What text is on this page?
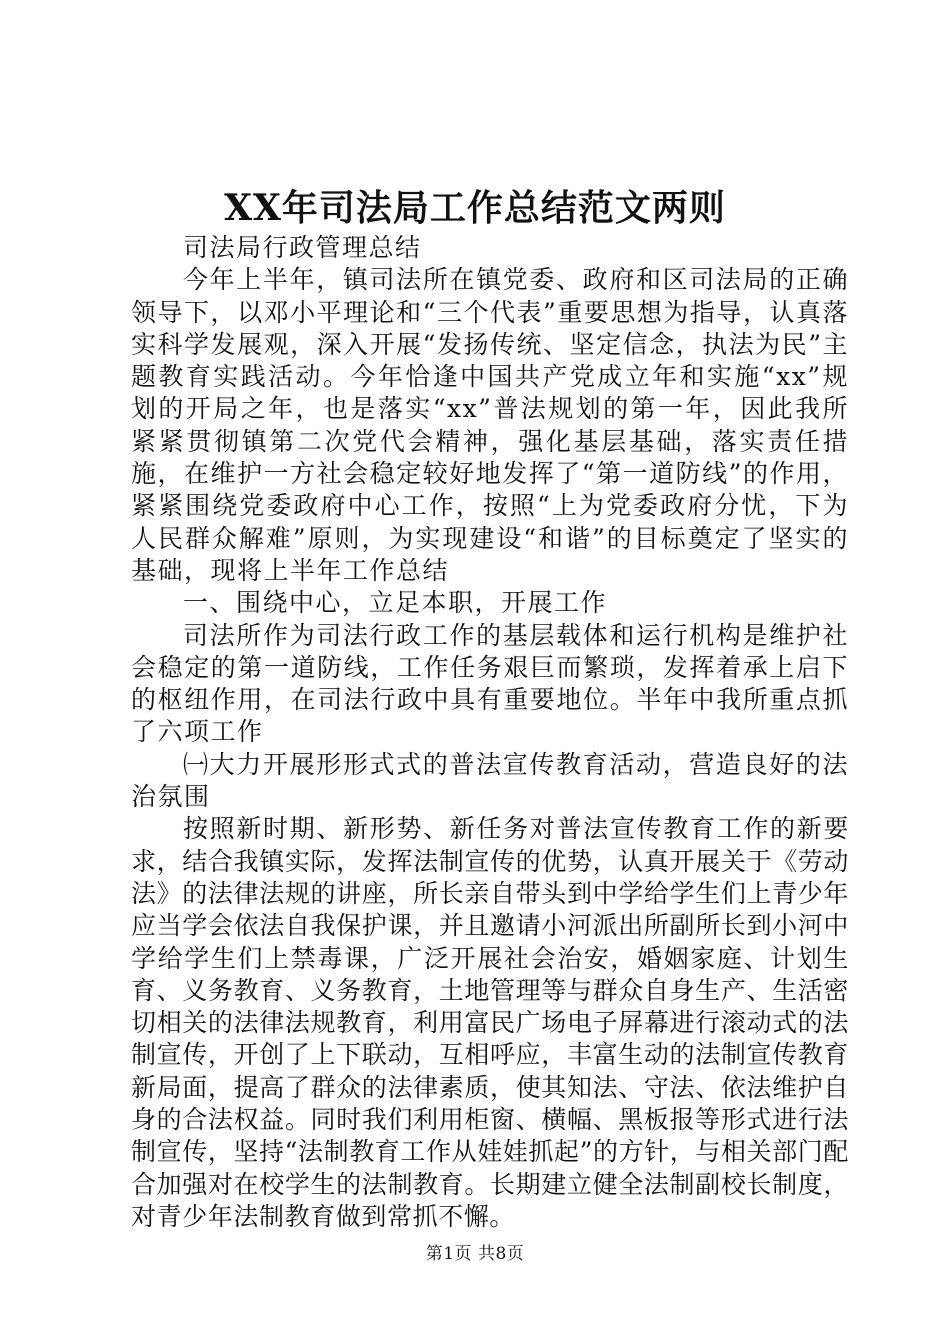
XX年司法局工作总结范文两则

司法局行政管理总结

今年上半年，镇司法所在镇党委、政府和区司法局的正确领导下，以邓小平理论和“三个代表”重要思想为指导，认真落实科学发展观，深入开展“发扬传统、坚定信念，执法为民”主题教育实践活动。今年恰逢中国共产党成立年和实施“xx”规划的开局之年，也是落实“xx”普法规划的第一年，因此我所紧紧贯彻镇第二次党代会精神，强化基层基础，落实责任措施，在维护一方社会稳定较好地发挥了“第一道防线”的作用，紧紧围绕党委政府中心工作，按照“上为党委政府分忧，下为人民群众解难”原则，为实现建设“和谐”的目标奠定了坚实的基础，现将上半年工作总结

一、围绕中心，立足本职，开展工作

司法所作为司法行政工作的基层载体和运行机构是维护社会稳定的第一道防线，工作任务艰巨而繁琐，发挥着承上启下的枢纽作用，在司法行政中具有重要地位。半年中我所重点抓了六项工作

㈠大力开展形形式式的普法宣传教育活动，营造良好的法治氛围

按照新时期、新形势、新任务对普法宣传教育工作的新要求，结合我镇实际，发挥法制宣传的优势，认真开展关于《劳动法》的法律法规的讲座，所长亲自带头到中学给学生们上青少年应当学会依法自我保护课，并且邀请小河派出所副所长到小河中学给学生们上禁毒课，广泛开展社会治安，婚姻家庭、计划生育、义务教育、义务教育，土地管理等与群众自身生产、生活密切相关的法律法规教育，利用富民广场电子屏幕进行滚动式的法制宣传，开创了上下联动，互相呼应，丰富生动的法制宣传教育新局面，提高了群众的法律素质，使其知法、守法、依法维护自身的合法权益。同时我们利用柜窗、横幅、黑板报等形式进行法制宣传，坚持“法制教育工作从娃娃抓起”的方针，与相关部门配合加强对在校学生的法制教育。长期建立健全法制副校长制度，对青少年法制教育做到常抓不懈。

第1页 共8页
